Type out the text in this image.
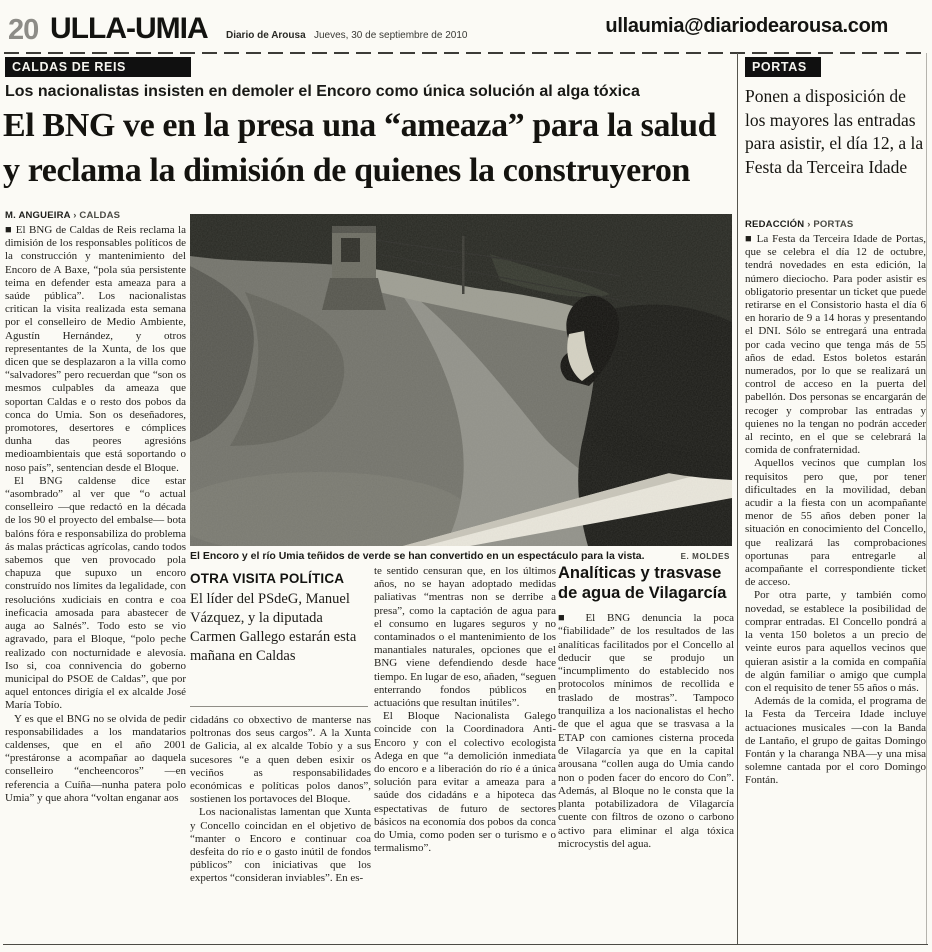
20 ULLA-UMIA Diario de Arousa Jueves, 30 de septiembre de 2010	ullaumia@diariodearousa.com
CALDAS DE REIS	PORTAS
Los nacionalistas insisten en demoler el Encoro como única solución al alga tóxica
El BNG ve en la presa una “ameaza” para la salud
y reclama la dimisión de quienes la construyeron
M. ANGUEIRA › CALDAS

■ El BNG de Caldas de Reis reclama la dimisión de los responsables políticos de la construcción y mantenimiento del Encoro de A Baxe, “pola súa persistente teima en defender esta ameaza para a saúde pública”. Los nacionalistas critican la visita realizada esta semana por el conselleiro de Medio Ambiente, Agustín Hernández, y otros representantes de la Xunta, de los que dicen que se desplazaron a la villa como “salvadores” pero recuerdan que “son os mesmos culpables da ameaza que soportan Caldas e o resto dos pobos da conca do Umia. Son os deseñadores, promotores, desertores e cómplices dunha das peores agresións medioambientais que está soportando o noso país”, sentencian desde el Bloque.

El BNG caldense dice estar “asombrado” al ver que “o actual conselleiro —que redactó en la década de los 90 el proyecto del embalse— bota balóns fóra e responsabiliza do problema ás malas prácticas agrícolas, cando todos sabemos que ven provocado pola chapuza que supuxo un encoro construído nos límites da legalidade, con resolucións xudiciais en contra e coa ineficacia amosada para abastecer de auga ao Salnés”. Todo esto se vio agravado, para el Bloque, “polo peche realizado con nocturnidade e alevosía. Iso si, coa connivencia do goberno municipal do PSOE de Caldas”, que por aquel entonces dirigía el ex alcalde José María Tobío.

Y es que el BNG no se olvida de pedir responsabilidades a los mandatarios caldenses, que en el año 2001 “prestáronse a acompañar ao daquela conselleiro “encheencoros” —en referencia a Cuíña—nunha patera polo Umia” y que ahora “voltan enganar aos

El Encoro y el río Umia teñidos de verde se han convertido en un espectáculo para la vista.	E. MOLDES
OTRA VISITA POLÍTICA
El líder del PSdeG, Manuel Vázquez, y la diputada Carmen Gallego estarán esta mañana en Caldas

cidadáns co obxectivo de manterse nas poltronas dos seus cargos”. A la Xunta de Galicia, al ex alcalde Tobío y a sus sucesores “e a quen deben esixir os veciños as responsabilidades económicas e políticas polos danos”, sostienen los portavoces del Bloque.

Los nacionalistas lamentan que Xunta y Concello coincidan en el objetivo de “manter o Encoro e continuar coa desfeita do río e o gasto inútil de fondos públicos” con iniciativas que los expertos “consideran inviables”. En es-

te sentido censuran que, en los últimos años, no se hayan adoptado medidas paliativas “mentras non se derribe a presa”, como la captación de agua para el consumo en lugares seguros y no contaminados o el mantenimiento de los manantiales naturales, opciones que el BNG viene defendiendo desde hace tiempo. En lugar de eso, añaden, “seguen enterrando fondos públicos en actuacións que resultan inútiles”.

El Bloque Nacionalista Galego coincide con la Coordinadora Anti-Encoro y con el colectivo ecologista Adega en que “a demolición inmediata do encoro e a liberación do río é a única solución para evitar a ameaza para a saúde dos cidadáns e a hipoteca das espectativas de futuro de sectores básicos na economía dos pobos da conca do Umia, como poden ser o turismo e o termalismo”.

Analíticas y trasvase de agua de Vilagarcía

■ El BNG denuncia la poca “fiabilidade” de los resultados de las analíticas facilitados por el Concello al deducir que se produjo un “incumplimento do establecido nos protocolos mínimos de recollida e traslado de mostras”. Tampoco tranquiliza a los nacionalistas el hecho de que el agua que se trasvasa a la ETAP con camiones cisterna proceda de Vilagarcía ya que en la capital arousana “collen auga do Umia cando non o poden facer do encoro do Con”. Además, al Bloque no le consta que la planta potabilizadora de Vilagarcía cuente con filtros de ozono o carbono activo para eliminar el alga tóxica microcystis del agua.

Ponen a disposición de los mayores las entradas para asistir, el día 12, a la Festa da Terceira Idade
REDACCIÓN › PORTAS

■ La Festa da Terceira Idade de Portas, que se celebra el día 12 de octubre, tendrá novedades en esta edición, la número dieciocho. Para poder asistir es obligatorio presentar un ticket que puede retirarse en el Consistorio hasta el día 6 en horario de 9 a 14 horas y presentando el DNI. Sólo se entregará una entrada por cada vecino que tenga más de 55 años de edad. Estos boletos estarán numerados, por lo que se realizará un control de acceso en la puerta del pabellón. Dos personas se encargarán de recoger y comprobar las entradas y quienes no la tengan no podrán acceder al recinto, en el que se celebrará la comida de confraternidad.

Aquellos vecinos que cumplan los requisitos pero que, por tener dificultades en la movilidad, deban acudir a la fiesta con un acompañante menor de 55 años deben poner la situación en conocimiento del Concello, que realizará las comprobaciones oportunas para entregarle al acompañante el correspondiente ticket de acceso.

Por otra parte, y también como novedad, se establece la posibilidad de comprar entradas. El Concello pondrá a la venta 150 boletos a un precio de veinte euros para aquellos vecinos que quieran asistir a la comida en compañía de algún familiar o amigo que cumpla con el requisito de tener 55 años o más.

Además de la comida, el programa de la Festa da Terceira Idade incluye actuaciones musicales —con la Banda de Lantaño, el grupo de gaitas Domingo Fontán y la charanga NBA—y una misa solemne cantada por el coro Domingo Fontán.
